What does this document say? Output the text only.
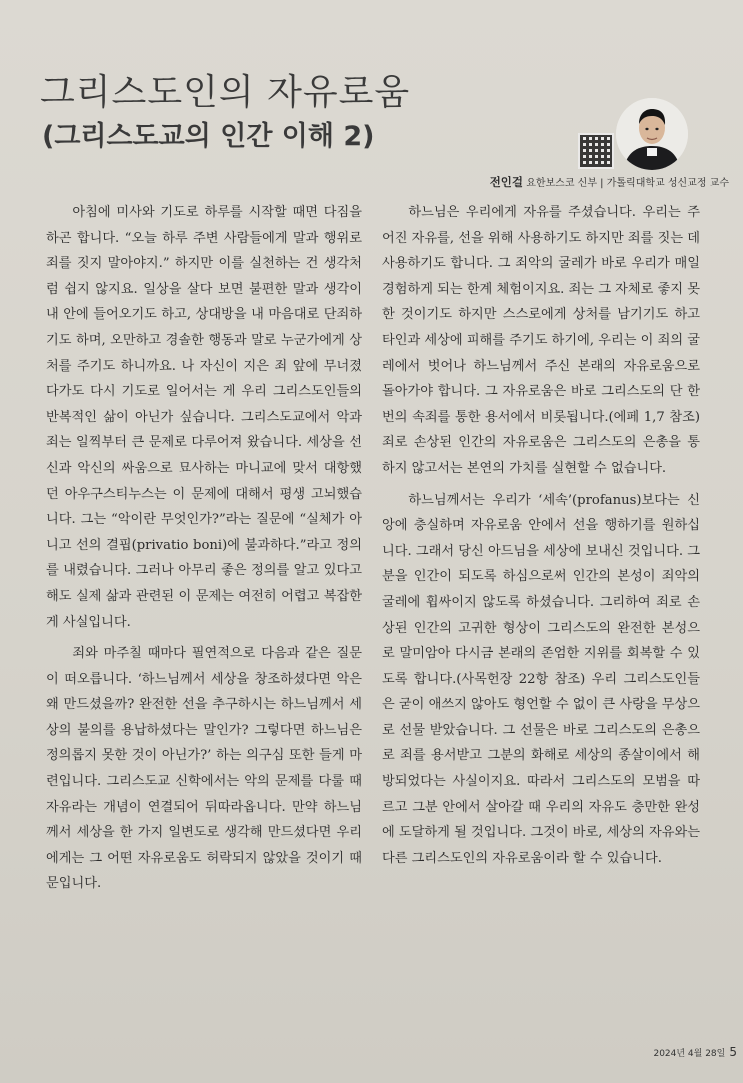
그리스도인의 자유로움
(그리스도교의 인간 이해 2)
전인걸 요한보스코 신부 | 가톨릭대학교 성신교정 교수

아침에 미사와 기도로 하루를 시작할 때면 다짐을 하곤 합니다. “오늘 하루 주변 사람들에게 말과 행위로 죄를 짓지 말아야지.” 하지만 이를 실천하는 건 생각처럼 쉽지 않지요. 일상을 살다 보면 불편한 말과 생각이 내 안에 들어오기도 하고, 상대방을 내 마음대로 단죄하기도 하며, 오만하고 경솔한 행동과 말로 누군가에게 상처를 주기도 하니까요. 나 자신이 지은 죄 앞에 무너졌다가도 다시 기도로 일어서는 게 우리 그리스도인들의 반복적인 삶이 아닌가 싶습니다. 그리스도교에서 악과 죄는 일찍부터 큰 문제로 다루어져 왔습니다. 세상을 선신과 악신의 싸움으로 묘사하는 마니교에 맞서 대항했던 아우구스티누스는 이 문제에 대해서 평생 고뇌했습니다. 그는 “악이란 무엇인가?”라는 질문에 “실체가 아니고 선의 결핍(privatio boni)에 불과하다.”라고 정의를 내렸습니다. 그러나 아무리 좋은 정의를 알고 있다고 해도 실제 삶과 관련된 이 문제는 여전히 어렵고 복잡한 게 사실입니다.

죄와 마주칠 때마다 필연적으로 다음과 같은 질문이 떠오릅니다. ‘하느님께서 세상을 창조하셨다면 악은 왜 만드셨을까? 완전한 선을 추구하시는 하느님께서 세상의 불의를 용납하셨다는 말인가? 그렇다면 하느님은 정의롭지 못한 것이 아닌가?’ 하는 의구심 또한 들게 마련입니다. 그리스도교 신학에서는 악의 문제를 다룰 때 자유라는 개념이 연결되어 뒤따라옵니다. 만약 하느님께서 세상을 한 가지 일변도로 생각해 만드셨다면 우리에게는 그 어떤 자유로움도 허락되지 않았을 것이기 때문입니다.

하느님은 우리에게 자유를 주셨습니다. 우리는 주어진 자유를, 선을 위해 사용하기도 하지만 죄를 짓는 데 사용하기도 합니다. 그 죄악의 굴레가 바로 우리가 매일 경험하게 되는 한계 체험이지요. 죄는 그 자체로 좋지 못한 것이기도 하지만 스스로에게 상처를 남기기도 하고 타인과 세상에 피해를 주기도 하기에, 우리는 이 죄의 굴레에서 벗어나 하느님께서 주신 본래의 자유로움으로 돌아가야 합니다. 그 자유로움은 바로 그리스도의 단 한 번의 속죄를 통한 용서에서 비롯됩니다.(에페 1,7 참조) 죄로 손상된 인간의 자유로움은 그리스도의 은총을 통하지 않고서는 본연의 가치를 실현할 수 없습니다.

하느님께서는 우리가 ‘세속’(profanus)보다는 신앙에 충실하며 자유로움 안에서 선을 행하기를 원하십니다. 그래서 당신 아드님을 세상에 보내신 것입니다. 그분을 인간이 되도록 하심으로써 인간의 본성이 죄악의 굴레에 휩싸이지 않도록 하셨습니다. 그리하여 죄로 손상된 인간의 고귀한 형상이 그리스도의 완전한 본성으로 말미암아 다시금 본래의 존엄한 지위를 회복할 수 있도록 합니다.(사목헌장 22항 참조) 우리 그리스도인들은 굳이 애쓰지 않아도 형언할 수 없이 큰 사랑을 무상으로 선물 받았습니다. 그 선물은 바로 그리스도의 은총으로 죄를 용서받고 그분의 화해로 세상의 종살이에서 해방되었다는 사실이지요. 따라서 그리스도의 모범을 따르고 그분 안에서 살아갈 때 우리의 자유도 충만한 완성에 도달하게 될 것입니다. 그것이 바로, 세상의 자유와는 다른 그리스도인의 자유로움이라 할 수 있습니다.

2024년 4월 28일 5
